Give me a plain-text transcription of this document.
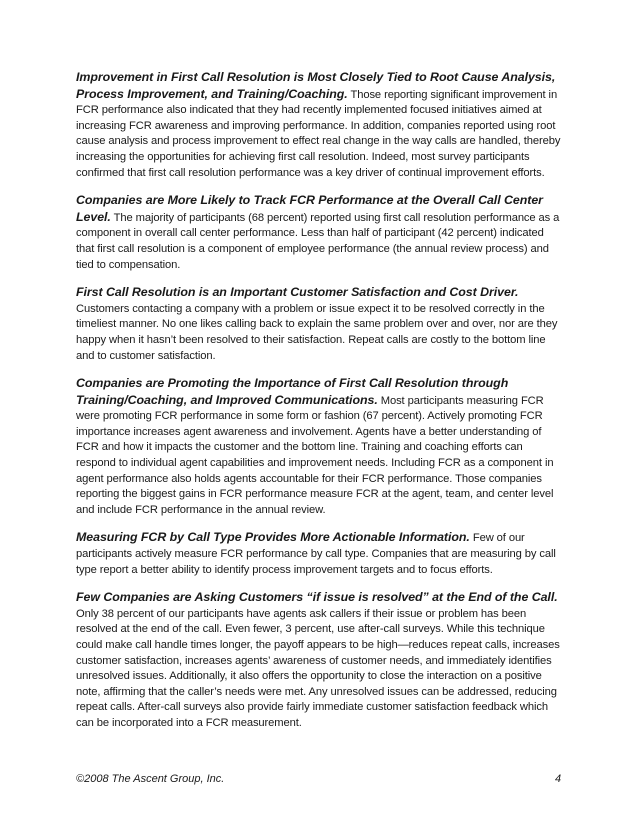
Improvement in First Call Resolution is Most Closely Tied to Root Cause Analysis, Process Improvement, and Training/Coaching. Those reporting significant improvement in FCR performance also indicated that they had recently implemented focused initiatives aimed at increasing FCR awareness and improving performance. In addition, companies reported using root cause analysis and process improvement to effect real change in the way calls are handled, thereby increasing the opportunities for achieving first call resolution. Indeed, most survey participants confirmed that first call resolution performance was a key driver of continual improvement efforts.

Companies are More Likely to Track FCR Performance at the Overall Call Center Level. The majority of participants (68 percent) reported using first call resolution performance as a component in overall call center performance. Less than half of participant (42 percent) indicated that first call resolution is a component of employee performance (the annual review process) and tied to compensation.

First Call Resolution is an Important Customer Satisfaction and Cost Driver. Customers contacting a company with a problem or issue expect it to be resolved correctly in the timeliest manner. No one likes calling back to explain the same problem over and over, nor are they happy when it hasn’t been resolved to their satisfaction. Repeat calls are costly to the bottom line and to customer satisfaction.

Companies are Promoting the Importance of First Call Resolution through Training/Coaching, and Improved Communications. Most participants measuring FCR were promoting FCR performance in some form or fashion (67 percent). Actively promoting FCR importance increases agent awareness and involvement. Agents have a better understanding of FCR and how it impacts the customer and the bottom line. Training and coaching efforts can respond to individual agent capabilities and improvement needs. Including FCR as a component in agent performance also holds agents accountable for their FCR performance. Those companies reporting the biggest gains in FCR performance measure FCR at the agent, team, and center level and include FCR performance in the annual review.

Measuring FCR by Call Type Provides More Actionable Information. Few of our participants actively measure FCR performance by call type. Companies that are measuring by call type report a better ability to identify process improvement targets and to focus efforts.

Few Companies are Asking Customers “if issue is resolved” at the End of the Call. Only 38 percent of our participants have agents ask callers if their issue or problem has been resolved at the end of the call. Even fewer, 3 percent, use after-call surveys. While this technique could make call handle times longer, the payoff appears to be high—reduces repeat calls, increases customer satisfaction, increases agents’ awareness of customer needs, and immediately identifies unresolved issues. Additionally, it also offers the opportunity to close the interaction on a positive note, affirming that the caller’s needs were met. Any unresolved issues can be addressed, reducing repeat calls. After-call surveys also provide fairly immediate customer satisfaction feedback which can be incorporated into a FCR measurement.

©2008 The Ascent Group, Inc.	4
